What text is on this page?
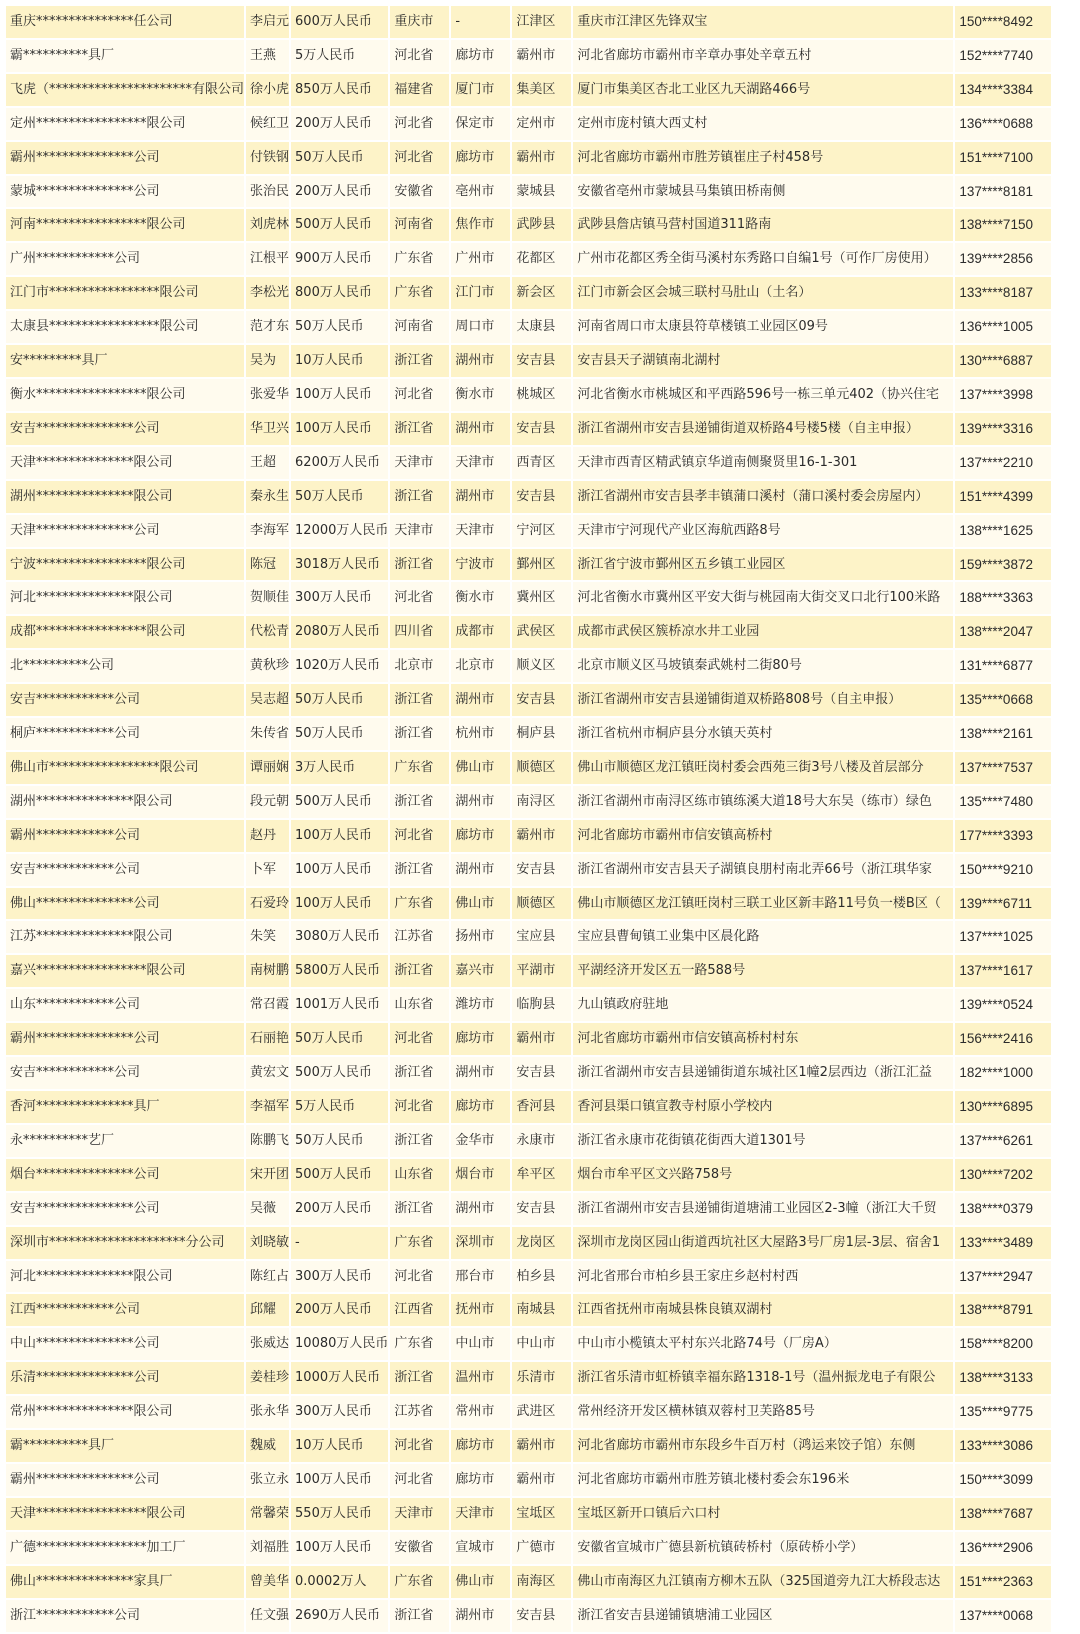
重庆***************任公司	李启元	600万人民币	重庆市	-	江津区	重庆市江津区先锋双宝	150****8492
霸**********具厂	王燕	5万人民币	河北省	廊坊市	霸州市	河北省廊坊市霸州市辛章办事处辛章五村	152****7740
飞虎（**********************有限公司	徐小虎	850万人民币	福建省	厦门市	集美区	厦门市集美区杏北工业区九天湖路466号	134****3384
定州*****************限公司	候红卫	200万人民币	河北省	保定市	定州市	定州市庞村镇大西丈村	136****0688
霸州***************公司	付铁钢	50万人民币	河北省	廊坊市	霸州市	河北省廊坊市霸州市胜芳镇崔庄子村458号	151****7100
蒙城***************公司	张治民	200万人民币	安徽省	亳州市	蒙城县	安徽省亳州市蒙城县马集镇田桥南侧	137****8181
河南*****************限公司	刘虎林	500万人民币	河南省	焦作市	武陟县	武陟县詹店镇马营村国道311路南	138****7150
广州************公司	江根平	900万人民币	广东省	广州市	花都区	广州市花都区秀全街马溪村东秀路口自编1号（可作厂房使用）	139****2856
江门市*****************限公司	李松光	800万人民币	广东省	江门市	新会区	江门市新会区会城三联村马肚山（土名）	133****8187
太康县*****************限公司	范才东	50万人民币	河南省	周口市	太康县	河南省周口市太康县符草楼镇工业园区09号	136****1005
安*********具厂	吴为	10万人民币	浙江省	湖州市	安吉县	安吉县天子湖镇南北湖村	130****6887
衡水*****************限公司	张爱华	100万人民币	河北省	衡水市	桃城区	河北省衡水市桃城区和平西路596号一栋三单元402（协兴住宅	137****3998
安吉***************公司	华卫兴	100万人民币	浙江省	湖州市	安吉县	浙江省湖州市安吉县递铺街道双桥路4号楼5楼（自主申报）	139****3316
天津***************限公司	王超	6200万人民币	天津市	天津市	西青区	天津市西青区精武镇京华道南侧聚贤里16-1-301	137****2210
湖州***************限公司	秦永生	50万人民币	浙江省	湖州市	安吉县	浙江省湖州市安吉县孝丰镇蒲口溪村（蒲口溪村委会房屋内）	151****4399
天津***************公司	李海军	12000万人民币	天津市	天津市	宁河区	天津市宁河现代产业区海航西路8号	138****1625
宁波*****************限公司	陈冠	3018万人民币	浙江省	宁波市	鄞州区	浙江省宁波市鄞州区五乡镇工业园区	159****3872
河北***************限公司	贺顺佳	300万人民币	河北省	衡水市	冀州区	河北省衡水市冀州区平安大街与桃园南大街交叉口北行100米路	188****3363
成都*****************限公司	代松青	2080万人民币	四川省	成都市	武侯区	成都市武侯区簇桥凉水井工业园	138****2047
北**********公司	黄秋珍	1020万人民币	北京市	北京市	顺义区	北京市顺义区马坡镇秦武姚村二街80号	131****6877
安吉************公司	吴志超	50万人民币	浙江省	湖州市	安吉县	浙江省湖州市安吉县递铺街道双桥路808号（自主申报）	135****0668
桐庐************公司	朱传省	50万人民币	浙江省	杭州市	桐庐县	浙江省杭州市桐庐县分水镇天英村	138****2161
佛山市*****************限公司	谭丽娴	3万人民币	广东省	佛山市	顺德区	佛山市顺德区龙江镇旺岗村委会西苑三街3号八楼及首层部分	137****7537
湖州***************限公司	段元朝	500万人民币	浙江省	湖州市	南浔区	浙江省湖州市南浔区练市镇练溪大道18号大东吴（练市）绿色	135****7480
霸州************公司	赵丹	100万人民币	河北省	廊坊市	霸州市	河北省廊坊市霸州市信安镇高桥村	177****3393
安吉************公司	卜军	100万人民币	浙江省	湖州市	安吉县	浙江省湖州市安吉县天子湖镇良朋村南北弄66号（浙江琪华家	150****9210
佛山***************公司	石爱玲	100万人民币	广东省	佛山市	顺德区	佛山市顺德区龙江镇旺岗村三联工业区新丰路11号负一楼B区（	139****6711
江苏***************限公司	朱笑	3080万人民币	江苏省	扬州市	宝应县	宝应县曹甸镇工业集中区晨化路	137****1025
嘉兴*****************限公司	南树鹏	5800万人民币	浙江省	嘉兴市	平湖市	平湖经济开发区五一路588号	137****1617
山东************公司	常召霞	1001万人民币	山东省	潍坊市	临朐县	九山镇政府驻地	139****0524
霸州***************公司	石丽艳	50万人民币	河北省	廊坊市	霸州市	河北省廊坊市霸州市信安镇高桥村村东	156****2416
安吉************公司	黄宏文	500万人民币	浙江省	湖州市	安吉县	浙江省湖州市安吉县递铺街道东城社区1幢2层西边（浙江汇益	182****1000
香河***************具厂	李福军	5万人民币	河北省	廊坊市	香河县	香河县渠口镇宣教寺村原小学校内	130****6895
永**********艺厂	陈鹏飞	50万人民币	浙江省	金华市	永康市	浙江省永康市花街镇花街西大道1301号	137****6261
烟台***************公司	宋开团	500万人民币	山东省	烟台市	牟平区	烟台市牟平区文兴路758号	130****7202
安吉***************公司	吴薇	200万人民币	浙江省	湖州市	安吉县	浙江省湖州市安吉县递铺街道塘浦工业园区2-3幢（浙江大千贸	138****0379
深圳市*********************分公司	刘晓敏	-	广东省	深圳市	龙岗区	深圳市龙岗区园山街道西坑社区大屋路3号厂房1层-3层、宿舍1	133****3489
河北***************限公司	陈红占	300万人民币	河北省	邢台市	柏乡县	河北省邢台市柏乡县王家庄乡赵村村西	137****2947
江西************公司	邱耀	200万人民币	江西省	抚州市	南城县	江西省抚州市南城县株良镇双湖村	138****8791
中山***************公司	张威达	10080万人民币	广东省	中山市	中山市	中山市小榄镇太平村东兴北路74号（厂房A）	158****8200
乐清***************公司	姜桂珍	1000万人民币	浙江省	温州市	乐清市	浙江省乐清市虹桥镇幸福东路1318-1号（温州振龙电子有限公	138****3133
常州***************限公司	张永华	300万人民币	江苏省	常州市	武进区	常州经济开发区横林镇双蓉村卫芙路85号	135****9775
霸**********具厂	魏威	10万人民币	河北省	廊坊市	霸州市	河北省廊坊市霸州市东段乡牛百万村（鸿运来饺子馆）东侧	133****3086
霸州***************公司	张立永	100万人民币	河北省	廊坊市	霸州市	河北省廊坊市霸州市胜芳镇北楼村委会东196米	150****3099
天津*****************限公司	常馨荣	550万人民币	天津市	天津市	宝坻区	宝坻区新开口镇后六口村	138****7687
广德*****************加工厂	刘福胜	100万人民币	安徽省	宣城市	广德市	安徽省宣城市广德县新杭镇砖桥村（原砖桥小学）	136****2906
佛山***************家具厂	曾美华	0.0002万人	广东省	佛山市	南海区	佛山市南海区九江镇南方柳木五队（325国道旁九江大桥段志达	151****2363
浙江************公司	任文强	2690万人民币	浙江省	湖州市	安吉县	浙江省安吉县递铺镇塘浦工业园区	137****0068
